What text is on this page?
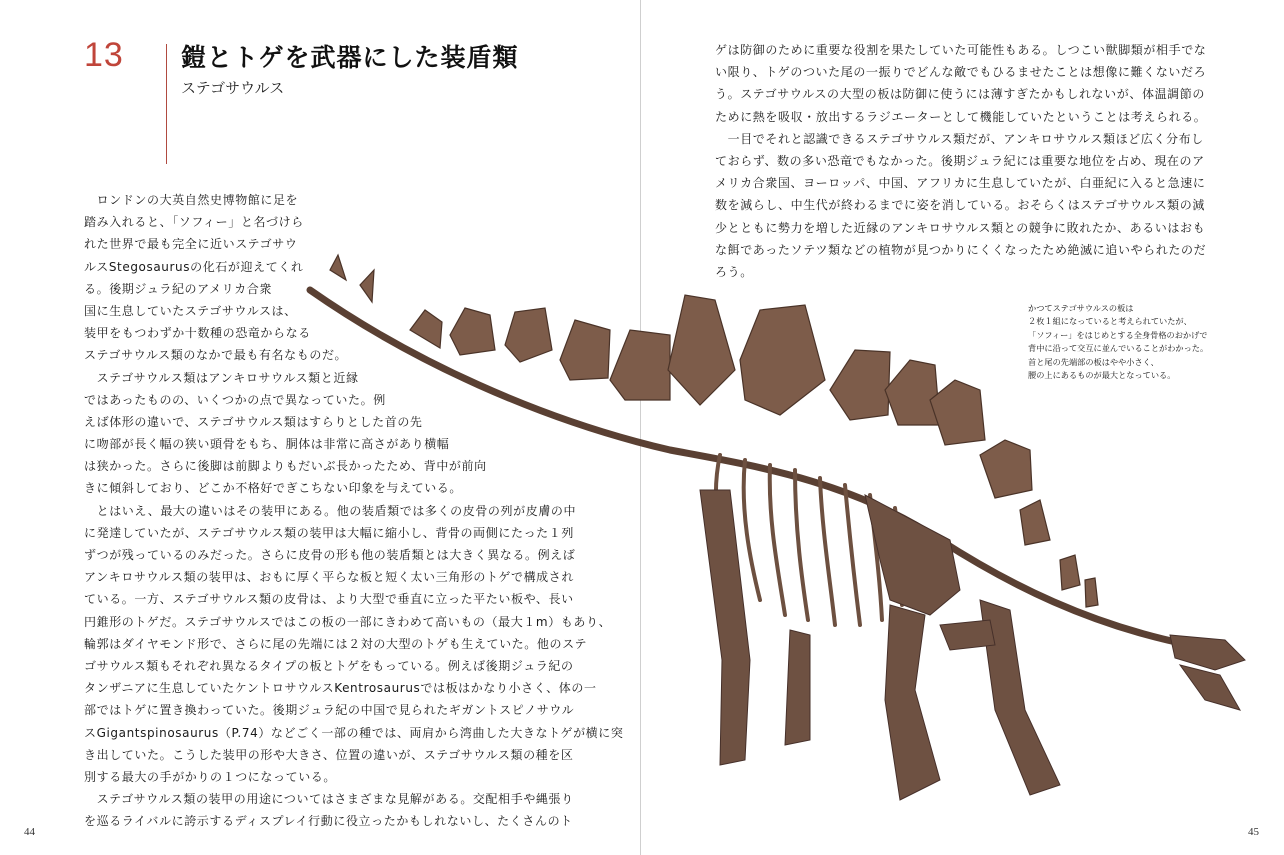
13 鎧とトゲを武器にした装盾類
ステゴサウルス
　ロンドンの大英自然史博物館に足を
踏み入れると、「ソフィー」と名づけら
れた世界で最も完全に近いステゴサウ
ルスStegosaurusの化石が迎えてくれ
る。後期ジュラ紀のアメリカ合衆
国に生息していたステゴサウルスは、
装甲をもつわずか十数種の恐竜からなる
ステゴサウルス類のなかで最も有名なものだ。
　ステゴサウルス類はアンキロサウルス類と近縁
ではあったものの、いくつかの点で異なっていた。例
えば体形の違いで、ステゴサウルス類はすらりとした首の先
に吻部が長く幅の狭い頭骨をもち、胴体は非常に高さがあり横幅
は狭かった。さらに後脚は前脚よりもだいぶ長かったため、背中が前向
きに傾斜しており、どこか不格好でぎこちない印象を与えている。
　とはいえ、最大の違いはその装甲にある。他の装盾類では多くの皮骨の列が皮膚の中
に発達していたが、ステゴサウルス類の装甲は大幅に縮小し、背骨の両側にたった１列
ずつが残っているのみだった。さらに皮骨の形も他の装盾類とは大きく異なる。例えば
アンキロサウルス類の装甲は、おもに厚く平らな板と短く太い三角形のトゲで構成され
ている。一方、ステゴサウルス類の皮骨は、より大型で垂直に立った平たい板や、長い
円錐形のトゲだ。ステゴサウルスではこの板の一部にきわめて高いもの（最大１m）もあり、
輪郭はダイヤモンド形で、さらに尾の先端には２対の大型のトゲも生えていた。他のステ
ゴサウルス類もそれぞれ異なるタイプの板とトゲをもっている。例えば後期ジュラ紀の
タンザニアに生息していたケントロサウルスKentrosaurusでは板はかなり小さく、体の一
部ではトゲに置き換わっていた。後期ジュラ紀の中国で見られたギガントスピノサウル
スGigantspinosaurus（P.74）などごく一部の種では、両肩から湾曲した大きなトゲが横に突
き出していた。こうした装甲の形や大きさ、位置の違いが、ステゴサウルス類の種を区
別する最大の手がかりの１つになっている。
　ステゴサウルス類の装甲の用途についてはさまざまな見解がある。交配相手や縄張り
を巡るライバルに誇示するディスプレイ行動に役立ったかもしれないし、たくさんのト
ゲは防御のために重要な役割を果たしていた可能性もある。しつこい獣脚類が相手でな
い限り、トゲのついた尾の一振りでどんな敵でもひるませたことは想像に難くないだろ
う。ステゴサウルスの大型の板は防御に使うには薄すぎたかもしれないが、体温調節の
ために熱を吸収・放出するラジエーターとして機能していたということは考えられる。
　一目でそれと認識できるステゴサウルス類だが、アンキロサウルス類ほど広く分布し
ておらず、数の多い恐竜でもなかった。後期ジュラ紀には重要な地位を占め、現在のア
メリカ合衆国、ヨーロッパ、中国、アフリカに生息していたが、白亜紀に入ると急速に
数を減らし、中生代が終わるまでに姿を消している。おそらくはステゴサウルス類の減
少とともに勢力を増した近縁のアンキロサウルス類との競争に敗れたか、あるいはおも
な餌であったソテツ類などの植物が見つかりにくくなったため絶滅に追いやられたのだ
ろう。
かつてステゴサウルスの板は
２枚１組になっていると考えられていたが、
「ソフィー」をはじめとする全身骨格のおかげで
背中に沿って交互に並んでいることがわかった。
首と尾の先端部の板はやや小さく、
腰の上にあるものが最大となっている。
44	45
